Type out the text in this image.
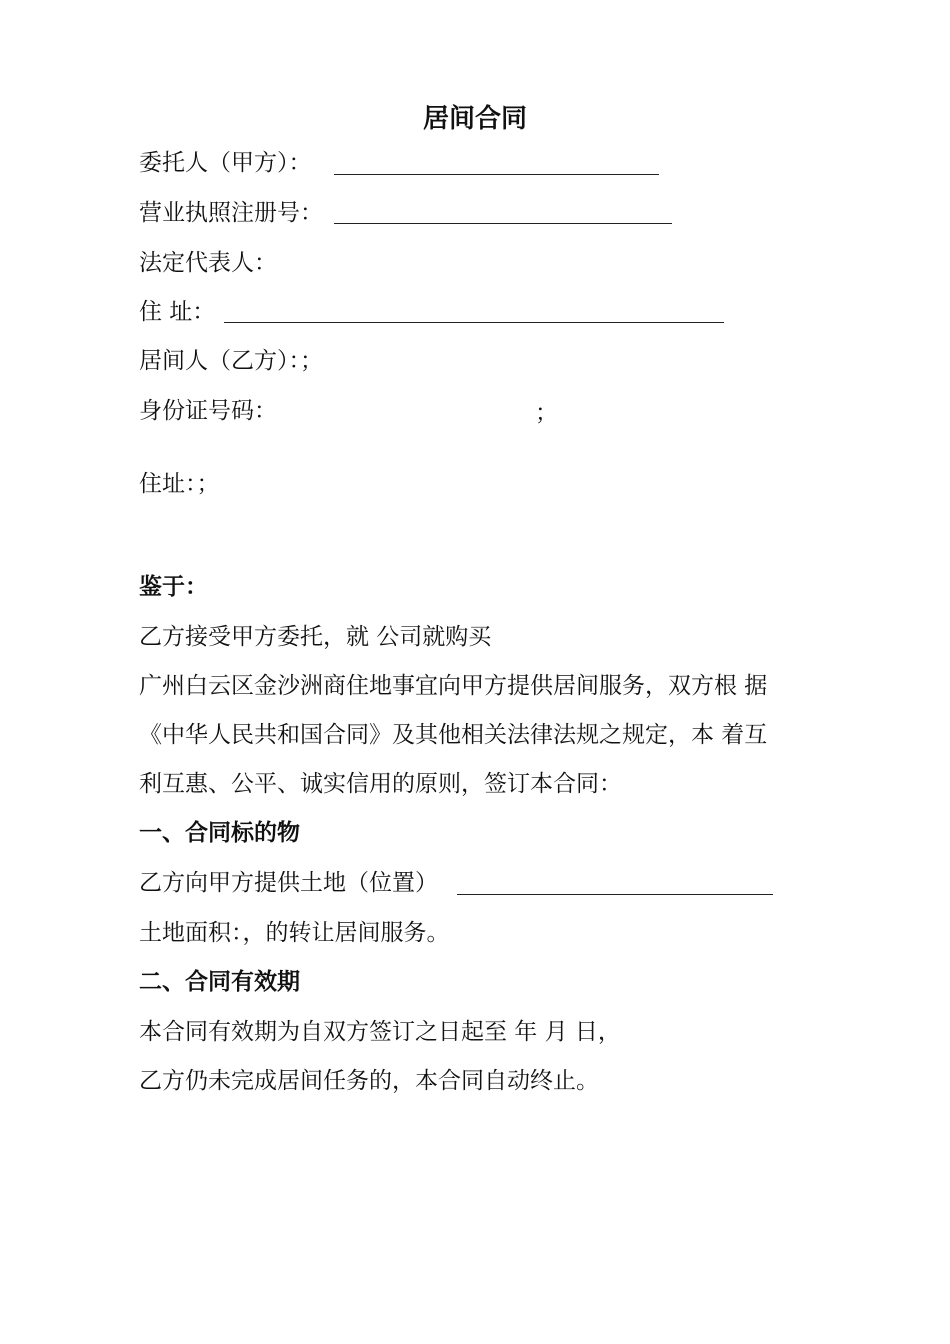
居间合同
委托人（甲方）：
营业执照注册号：
法定代表人：
住 址：
居间人（乙方）：；
身份证号码：	；
住址：；
鉴于：
乙方接受甲方委托，就 公司就购买
广州白云区金沙洲商住地事宜向甲方提供居间服务，双方根 据
《中华人民共和国合同》及其他相关法律法规之规定，本 着互
利互惠、公平、诚实信用的原则，签订本合同：
一、合同标的物
乙方向甲方提供土地（位置）
土地面积：，的转让居间服务。
二、合同有效期
本合同有效期为自双方签订之日起至 年 月 日，
乙方仍未完成居间任务的，本合同自动终止。
